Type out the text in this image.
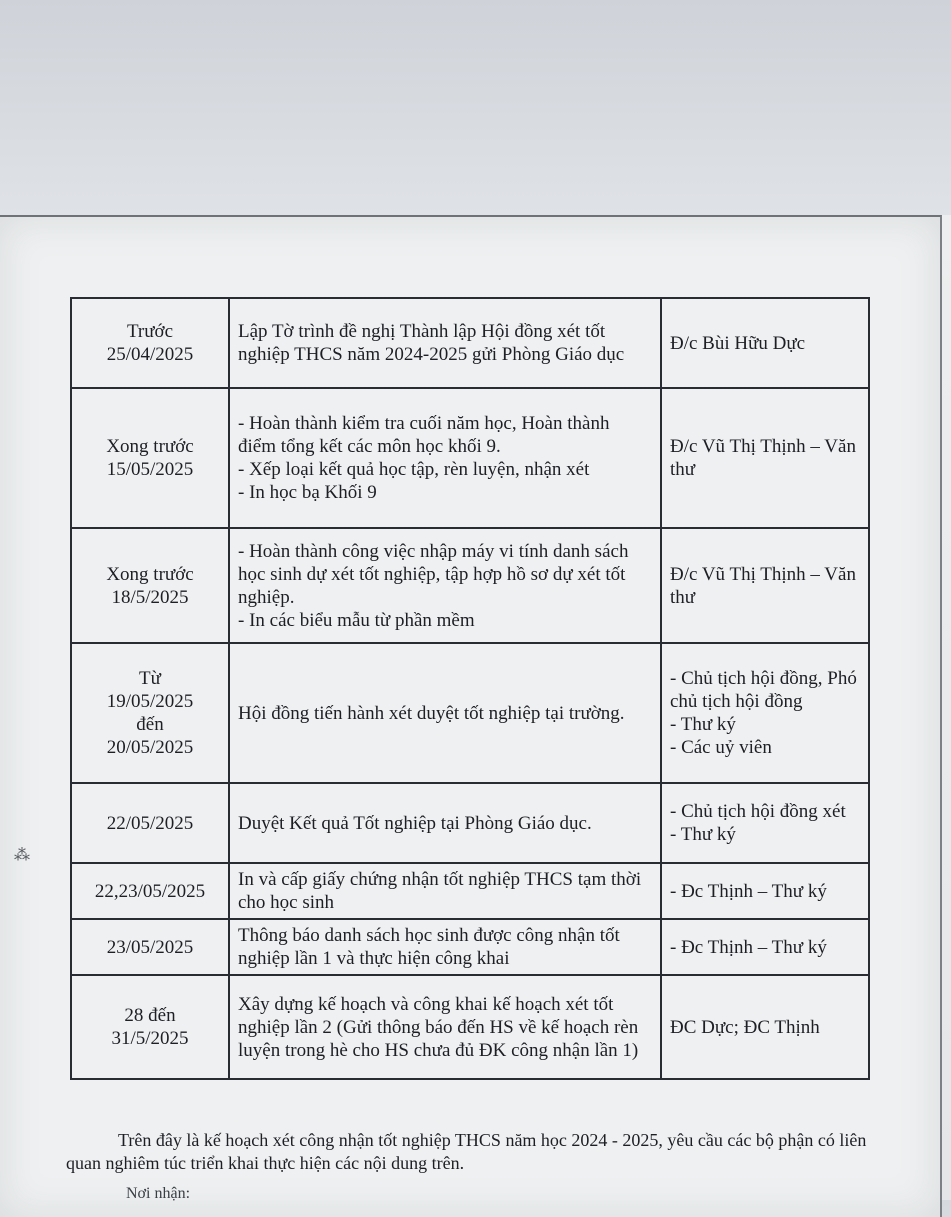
Trước
25/04/2025	Lập Tờ trình đề nghị Thành lập Hội đồng xét tốt nghiệp THCS năm 2024-2025 gửi Phòng Giáo dục	Đ/c Bùi Hữu Dực
Xong trước
15/05/2025	- Hoàn thành kiểm tra cuối năm học, Hoàn thành điểm tổng kết các môn học khối 9.
- Xếp loại kết quả học tập, rèn luyện, nhận xét
- In học bạ Khối 9	Đ/c Vũ Thị Thịnh – Văn thư
Xong trước
18/5/2025	- Hoàn thành công việc nhập máy vi tính danh sách học sinh dự xét tốt nghiệp, tập hợp hồ sơ dự xét tốt nghiệp.
- In các biểu mẫu từ phần mềm	Đ/c Vũ Thị Thịnh – Văn thư
Từ
19/05/2025
đến
20/05/2025	Hội đồng tiến hành xét duyệt tốt nghiệp tại trường.	- Chủ tịch hội đồng, Phó chủ tịch hội đồng
- Thư ký
- Các uỷ viên
22/05/2025	Duyệt Kết quả Tốt nghiệp tại Phòng Giáo dục.	- Chủ tịch hội đồng xét
- Thư ký
22,23/05/2025	In và cấp giấy chứng nhận tốt nghiệp THCS tạm thời cho học sinh	- Đc Thịnh – Thư ký
23/05/2025	Thông báo danh sách học sinh được công nhận tốt nghiệp lần 1 và thực hiện công khai	- Đc Thịnh – Thư ký
28 đến
31/5/2025	Xây dựng kế hoạch và công khai kế hoạch xét tốt nghiệp lần 2 (Gửi thông báo đến HS về kế hoạch rèn luyện trong hè cho HS chưa đủ ĐK công nhận lần 1)	ĐC Dực; ĐC Thịnh
⁂
Trên đây là kế hoạch xét công nhận tốt nghiệp THCS năm học 2024 - 2025, yêu cầu các bộ phận có liên quan nghiêm túc triển khai thực hiện các nội dung trên.
Nơi nhận:
